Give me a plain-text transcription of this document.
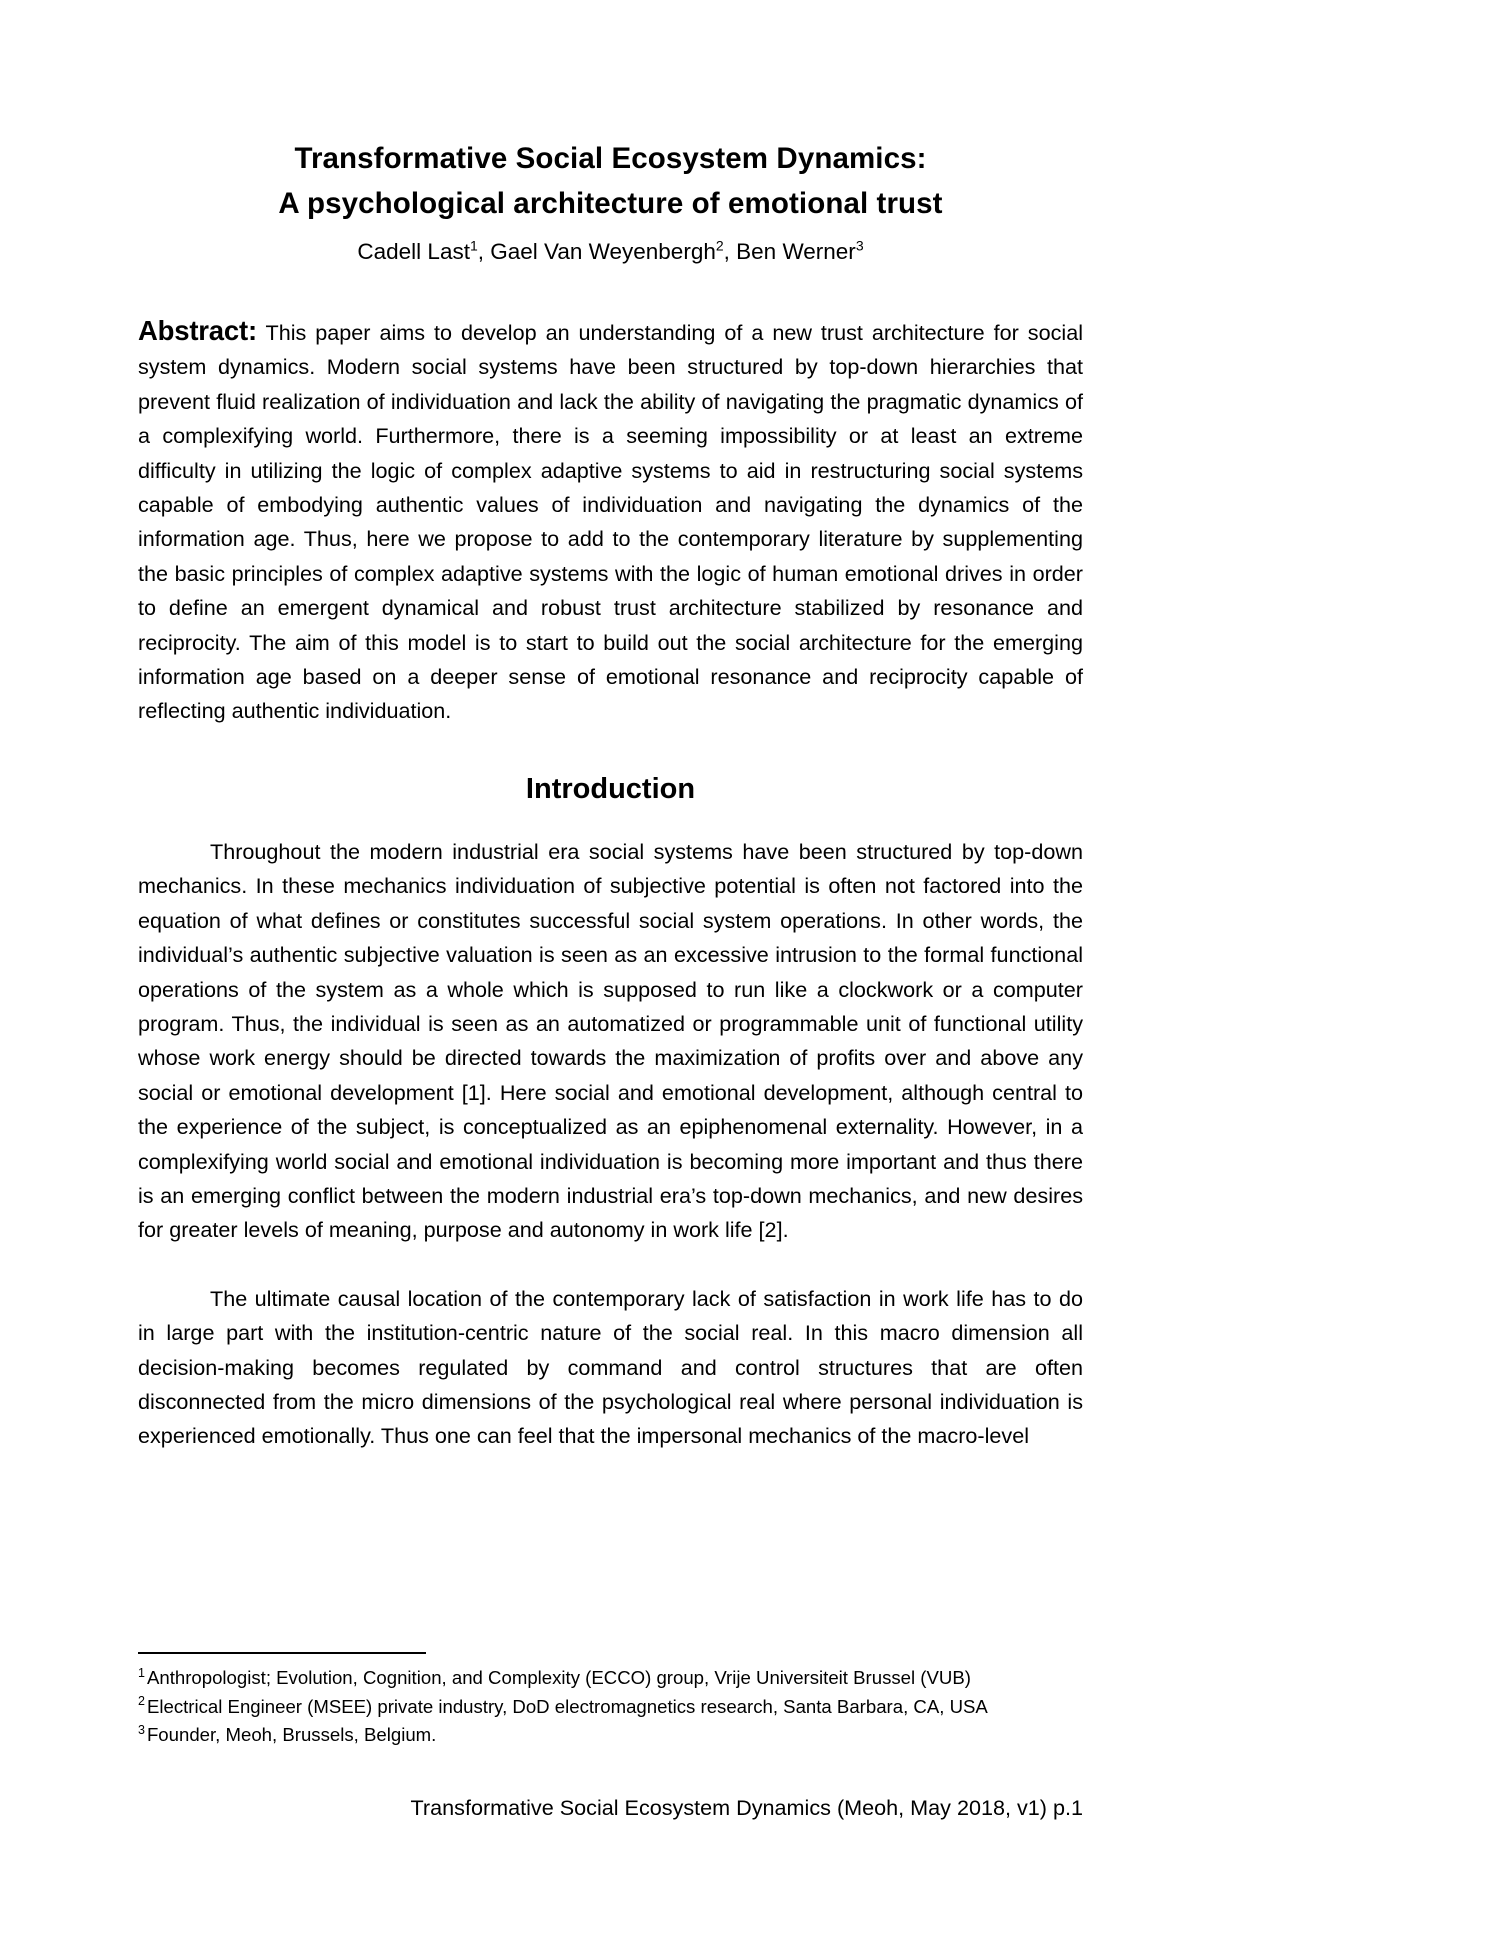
Transformative Social Ecosystem Dynamics:
A psychological architecture of emotional trust
Cadell Last$^1$, Gael Van Weyenbergh$^2$, Ben Werner$^3$
Abstract: This paper aims to develop an understanding of a new trust architecture for social system dynamics. Modern social systems have been structured by top-down hierarchies that prevent fluid realization of individuation and lack the ability of navigating the pragmatic dynamics of a complexifying world. Furthermore, there is a seeming impossibility or at least an extreme difficulty in utilizing the logic of complex adaptive systems to aid in restructuring social systems capable of embodying authentic values of individuation and navigating the dynamics of the information age. Thus, here we propose to add to the contemporary literature by supplementing the basic principles of complex adaptive systems with the logic of human emotional drives in order to define an emergent dynamical and robust trust architecture stabilized by resonance and reciprocity. The aim of this model is to start to build out the social architecture for the emerging information age based on a deeper sense of emotional resonance and reciprocity capable of reflecting authentic individuation.
Introduction

Throughout the modern industrial era social systems have been structured by top-down mechanics. In these mechanics individuation of subjective potential is often not factored into the equation of what defines or constitutes successful social system operations. In other words, the individual’s authentic subjective valuation is seen as an excessive intrusion to the formal functional operations of the system as a whole which is supposed to run like a clockwork or a computer program. Thus, the individual is seen as an automatized or programmable unit of functional utility whose work energy should be directed towards the maximization of profits over and above any social or emotional development [1]. Here social and emotional development, although central to the experience of the subject, is conceptualized as an epiphenomenal externality. However, in a complexifying world social and emotional individuation is becoming more important and thus there is an emerging conflict between the modern industrial era’s top-down mechanics, and new desires for greater levels of meaning, purpose and autonomy in work life [2].

The ultimate causal location of the contemporary lack of satisfaction in work life has to do in large part with the institution-centric nature of the social real. In this macro dimension all decision-making becomes regulated by command and control structures that are often disconnected from the micro dimensions of the psychological real where personal individuation is experienced emotionally. Thus one can feel that the impersonal mechanics of the macro-level

$^1$ Anthropologist; Evolution, Cognition, and Complexity (ECCO) group, Vrije Universiteit Brussel (VUB)
$^2$ Electrical Engineer (MSEE) private industry, DoD electromagnetics research, Santa Barbara, CA, USA
$^3$ Founder, Meoh, Brussels, Belgium.
Transformative Social Ecosystem Dynamics (Meoh, May 2018, v1) p.1
